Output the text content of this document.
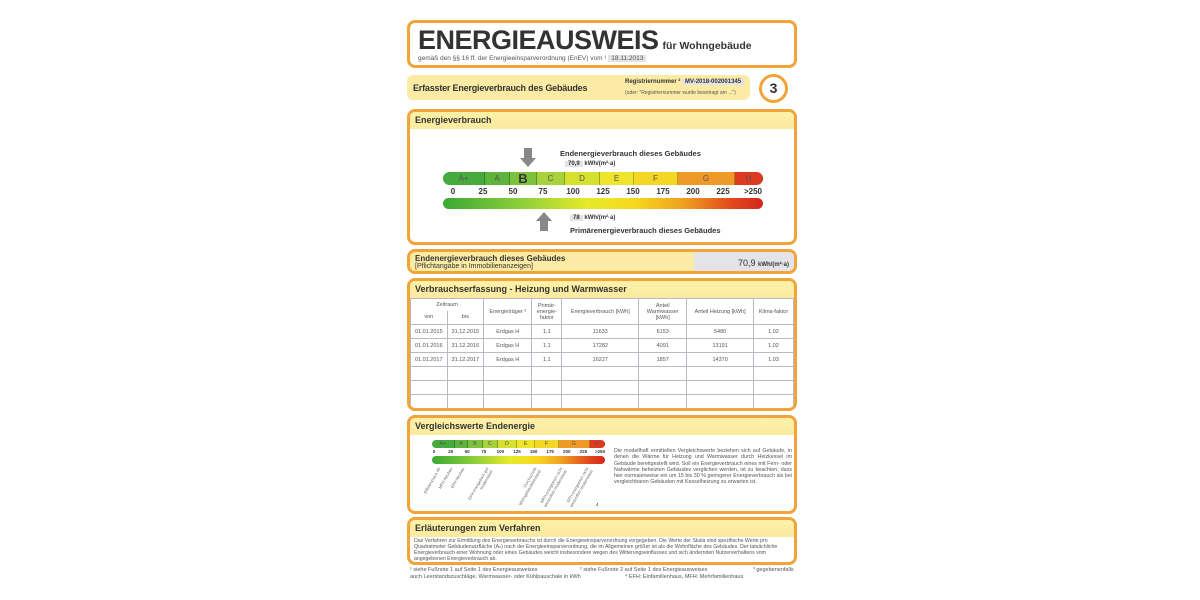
ENERGIEAUSWEIS für Wohngebäude
gemäß den §§ 16 ff. der Energieeinsparverordnung (EnEV) vom ¹ 18.11.2013
Erfasster Energieverbrauch des Gebäudes
Registriernummer ² MV-2018-002001345
(oder: "Registriernummer wurde beantragt am ...")	3
Energieverbrauch
Endenergieverbrauch dieses Gebäudes
70,9 kWh/(m²·a)
A+	A	B	C	D	E	F	G	H
0	25	50	75 100 125 150 175 200 225 >250
78 kWh/(m²·a)
Primärenergieverbrauch dieses Gebäudes
Endenergieverbrauch dieses Gebäudes
[Pflichtangabe in Immobilienanzeigen]	70,9 kWh/(m²·a)
Verbrauchserfassung - Heizung und Warmwasser
Zeitraum		Energieträger ³	Primär-energie-faktor	Energieverbrauch [kWh]	Anteil Warmwasser [kWh]	Anteil Heizung [kWh]	Klima-faktor
von	bis						
01.01.2015	31.12.2015	Erdgas H	1,1	11633	6153	5480	1,02
01.01.2016	31.12.2016	Erdgas H	1,1	17282	4091	13191	1,02
01.01.2017	31.12.2017	Erdgas H	1,1	16227	1857	14370	1,03

Vergleichswerte Endenergie
A+	A	B	C	D	E	F	G	H
0	25	50	75 100 125 150 175 200 225 >250
Effizienzhaus 40
MFH Neubau
EFH Neubau EFH energetisch gut modernisiert	Durchschnitt Wohngebäudebestand
MFH energetisch nicht wesentlich modernisiert
EFH energetisch nicht wesentlich modernisiert 4
Die modellhaft ermittelten Vergleichswerte beziehen sich auf Gebäude, in denen die Wärme für Heizung und Warmwasser durch Heizkessel im Gebäude bereitgestellt wird. Soll ein Energieverbrauch eines mit Fern- oder Nahwärme beheizten Gebäudes verglichen werden, ist zu beachten, dass hier normalerweise ein um 15 bis 30 % geringerer Energieverbrauch als bei vergleichbaren Gebäuden mit Kesselheizung zu erwarten ist.
Erläuterungen zum Verfahren
Das Verfahren zur Ermittlung des Energieverbrauchs ist durch die Energieeinsparverordnung vorgegeben. Die Werte der Skala sind spezifische Werte pro Quadratmeter Gebäudenutzfläche (Aₙ) nach der Energieeinsparverordnung, die im Allgemeinen größer ist als die Wohnfläche des Gebäudes. Der tatsächliche Energieverbrauch einer Wohnung oder eines Gebäudes weicht insbesondere wegen des Witterungseinflusses und sich ändernden Nutzerverhaltens vom angegebenen Energieverbrauch ab.
¹ siehe Fußnote 1 auf Seite 1 des Energieausweises	² siehe Fußnote 2 auf Seite 1 des Energieausweises	³ gegebenenfalls
auch Leerstandszuschläge, Warmwasser- oder Kühlpauschale in kWh	⁴ EFH: Einfamilienhaus, MFH: Mehrfamilienhaus
